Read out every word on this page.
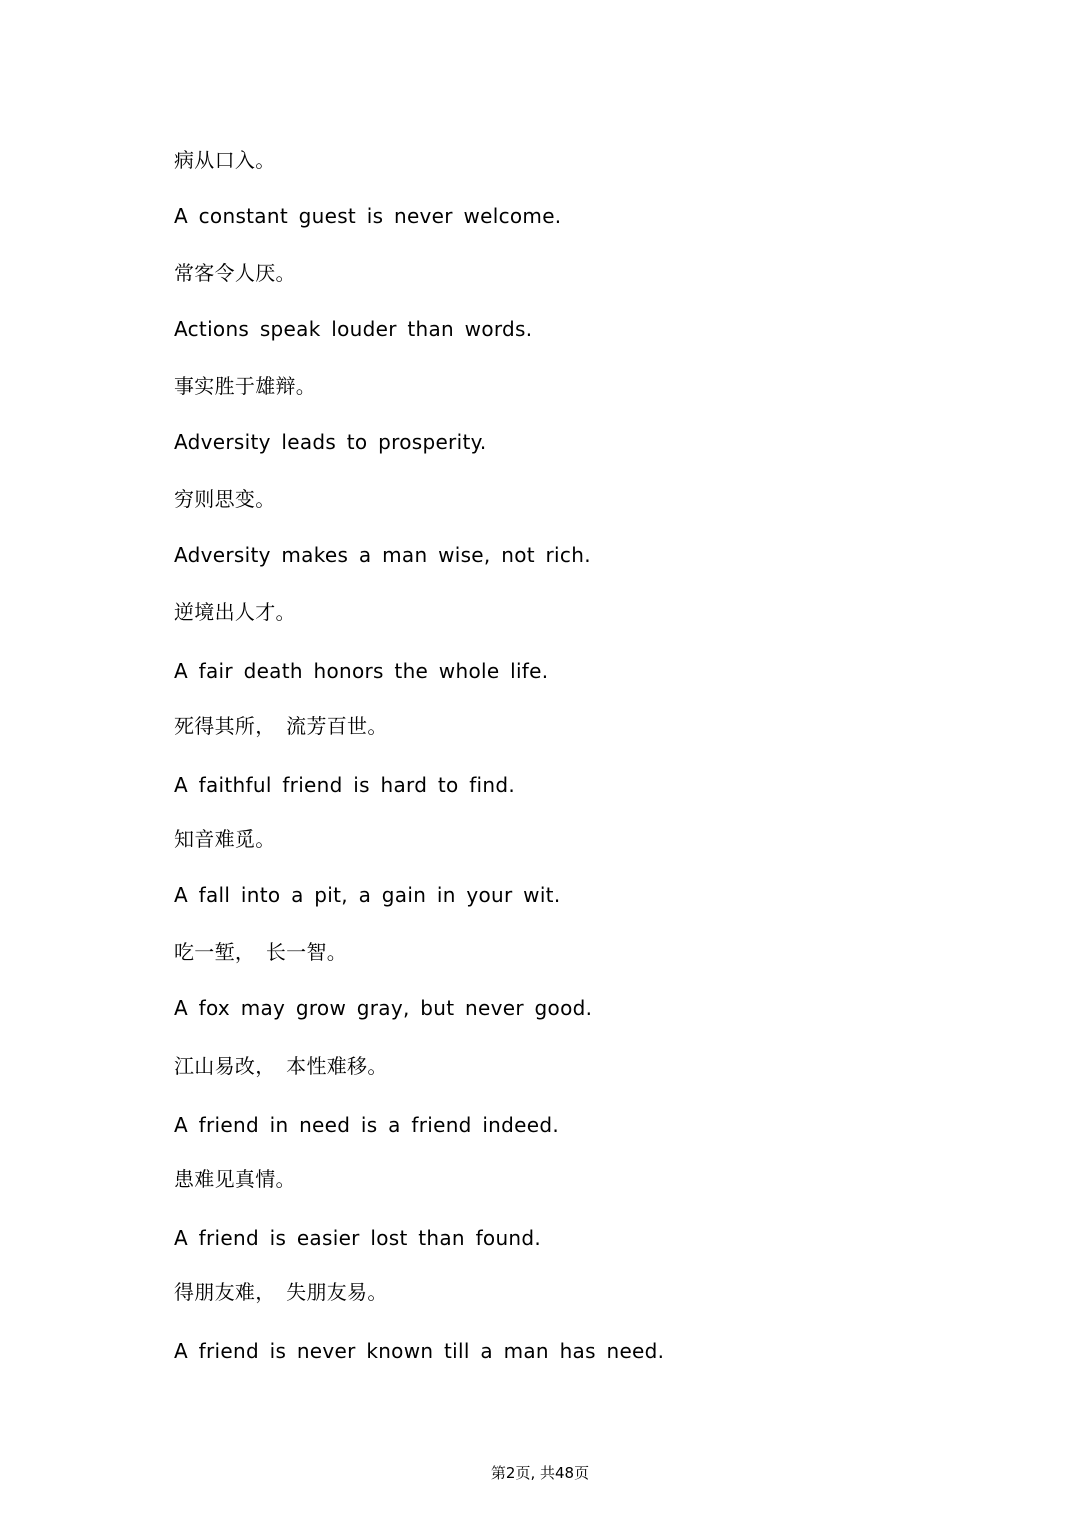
病从口入。
A constant guest is never welcome.
常客令人厌。
Actions speak louder than words.
事实胜于雄辩。
Adversity leads to prosperity.
穷则思变。
Adversity makes a man wise, not rich.
逆境出人才。
A fair death honors the whole life.
死得其所， 流芳百世。
A faithful friend is hard to find.
知音难觅。
A fall into a pit, a gain in your wit.
吃一堑， 长一智。
A fox may grow gray, but never good.
江山易改， 本性难移。
A friend in need is a friend indeed.
患难见真情。
A friend is easier lost than found.
得朋友难， 失朋友易。
A friend is never known till a man has need.
第2页, 共48页
